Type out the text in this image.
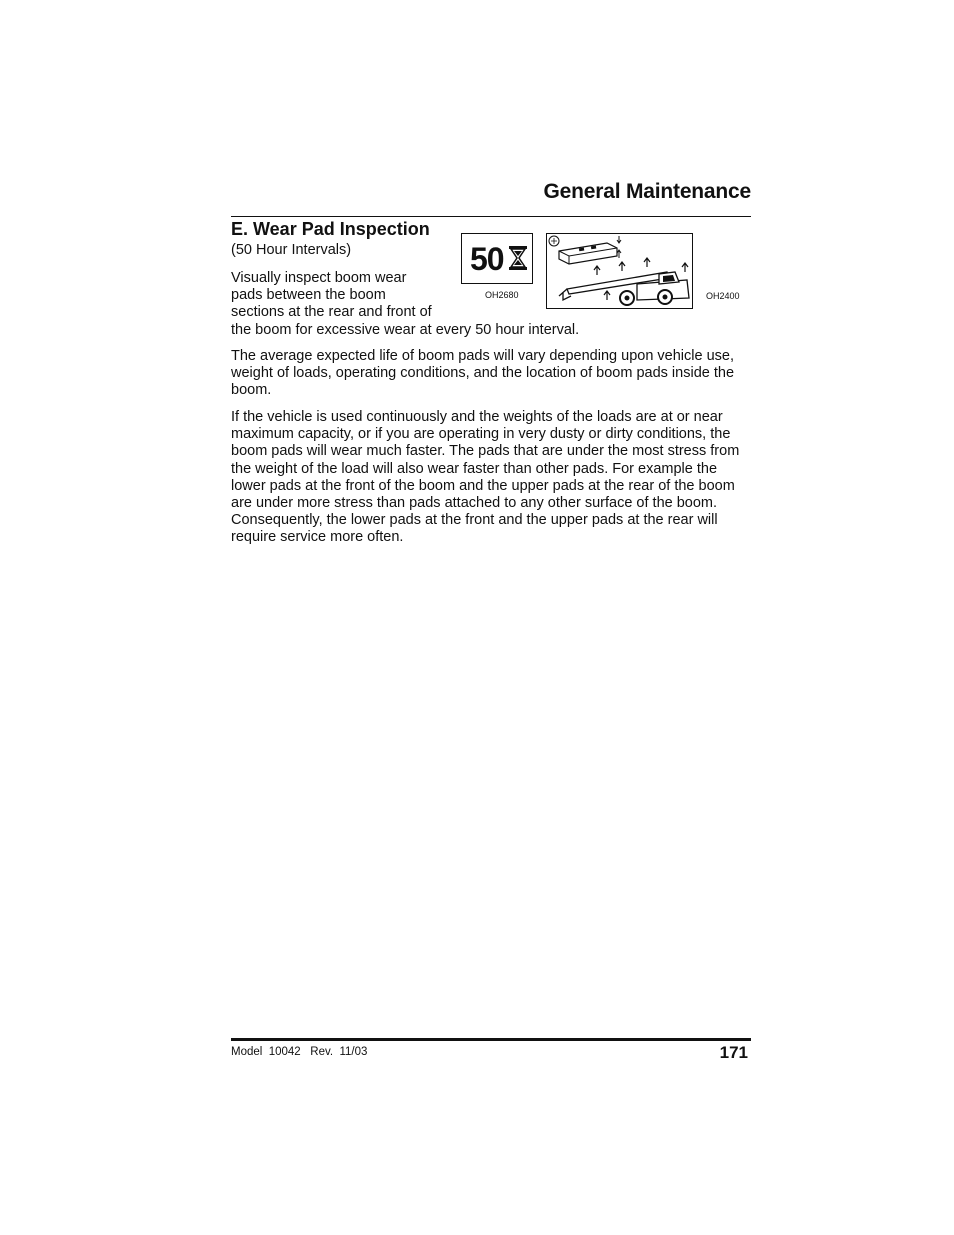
General Maintenance
E. Wear Pad Inspection
(50 Hour Intervals)
Visually inspect boom wear
pads between the boom
sections at the rear and front of
the boom for excessive wear at every 50 hour interval.
50
OH2680	OH2400
The average expected life of boom pads will vary depending upon vehicle use, weight of loads, operating conditions, and the location of boom pads inside the boom.
If the vehicle is used continuously and the weights of the loads are at or near maximum capacity, or if you are operating in very dusty or dirty conditions, the boom pads will wear much faster. The pads that are under the most stress from the weight of the load will also wear faster than other pads. For example the lower pads at the front of the boom and the upper pads at the rear of the boom are under more stress than pads attached to any other surface of the boom. Consequently, the lower pads at the front and the upper pads at the rear will require service more often.
Model  10042   Rev.  11/03	171
